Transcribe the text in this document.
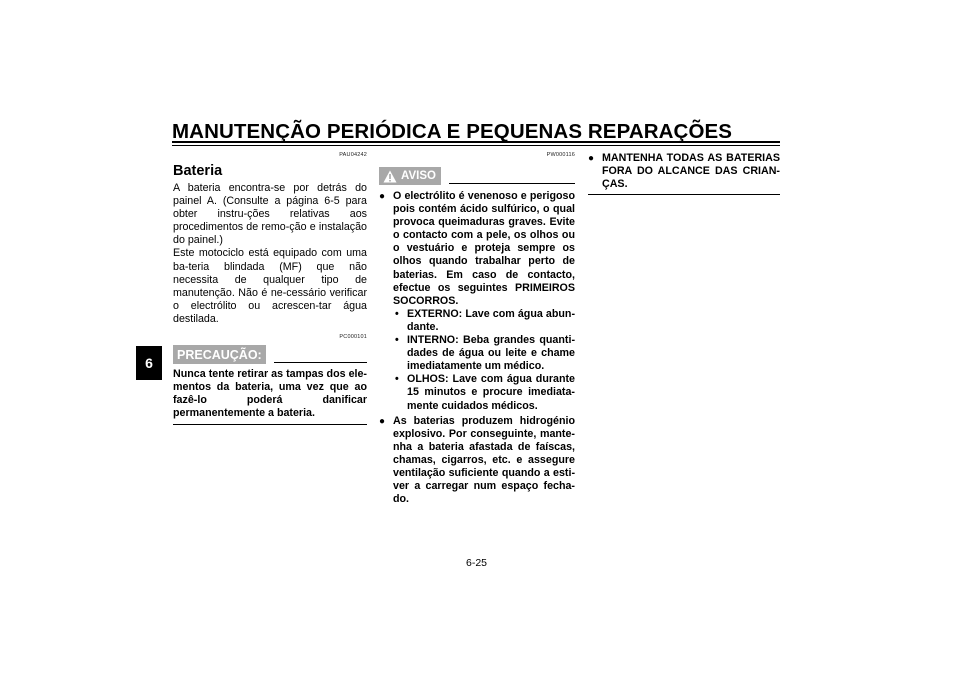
MANUTENÇÃO PERIÓDICA E PEQUENAS REPARAÇÕES
6
PAU04242
Bateria

A bateria encontra-se por detrás do painel A. (Consulte a página 6-5 para obter instru-ções relativas aos procedimentos de remo-ção e instalação do painel.)

Este motociclo está equipado com uma ba-teria blindada (MF) que não necessita de qualquer tipo de manutenção. Não é ne-cessário verificar o electrólito ou acrescen-tar água destilada.

PC000101
PRECAUÇÃO:
Nunca tente retirar as tampas dos ele-mentos da bateria, uma vez que ao fazê-lo poderá danificar permanentemente a bateria.
PW000116
AVISO
● O electrólito é venenoso e perigoso pois contém ácido sulfúrico, o qual provoca queimaduras graves. Evite o contacto com a pele, os olhos ou o vestuário e proteja sempre os olhos quando trabalhar perto de baterias. Em caso de contacto, efectue os seguintes PRIMEIROS SOCORROS.
• EXTERNO: Lave com água abun-dante.
• INTERNO: Beba grandes quanti-dades de água ou leite e chame imediatamente um médico.
• OLHOS: Lave com água durante 15 minutos e procure imediata-mente cuidados médicos.
● As baterias produzem hidrogénio explosivo. Por conseguinte, mante-nha a bateria afastada de faíscas, chamas, cigarros, etc. e assegure ventilação suficiente quando a esti-ver a carregar num espaço fecha-do.
● MANTENHA TODAS AS BATERIAS FORA DO ALCANCE DAS CRIAN-ÇAS.
6-25
